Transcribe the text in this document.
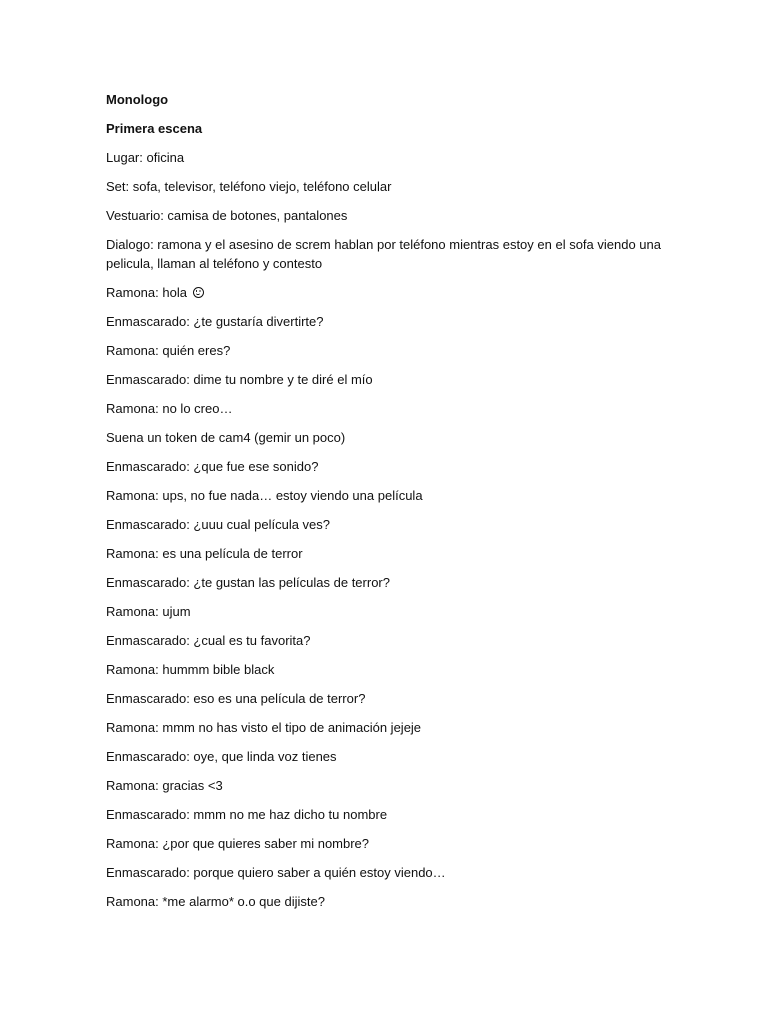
Monologo

Primera escena

Lugar: oficina

Set: sofa, televisor, teléfono viejo, teléfono celular

Vestuario: camisa de botones, pantalones

Dialogo: ramona y el asesino de screm hablan por teléfono mientras estoy en el sofa viendo una pelicula, llaman al teléfono y contesto

Ramona: hola

Enmascarado: ¿te gustaría divertirte?

Ramona: quién eres?

Enmascarado: dime tu nombre y te diré el mío

Ramona: no lo creo…

Suena un token de cam4 (gemir un poco)

Enmascarado: ¿que fue ese sonido?

Ramona: ups, no fue nada… estoy viendo una película

Enmascarado: ¿uuu cual película ves?

Ramona: es una película de terror

Enmascarado: ¿te gustan las películas de terror?

Ramona: ujum

Enmascarado: ¿cual es tu favorita?

Ramona: hummm bible black

Enmascarado: eso es una película de terror?

Ramona: mmm no has visto el tipo de animación jejeje

Enmascarado: oye, que linda voz tienes

Ramona: gracias <3

Enmascarado: mmm no me haz dicho tu nombre

Ramona: ¿por que quieres saber mi nombre?

Enmascarado: porque quiero saber a quién estoy viendo…

Ramona: *me alarmo* o.o que dijiste?
